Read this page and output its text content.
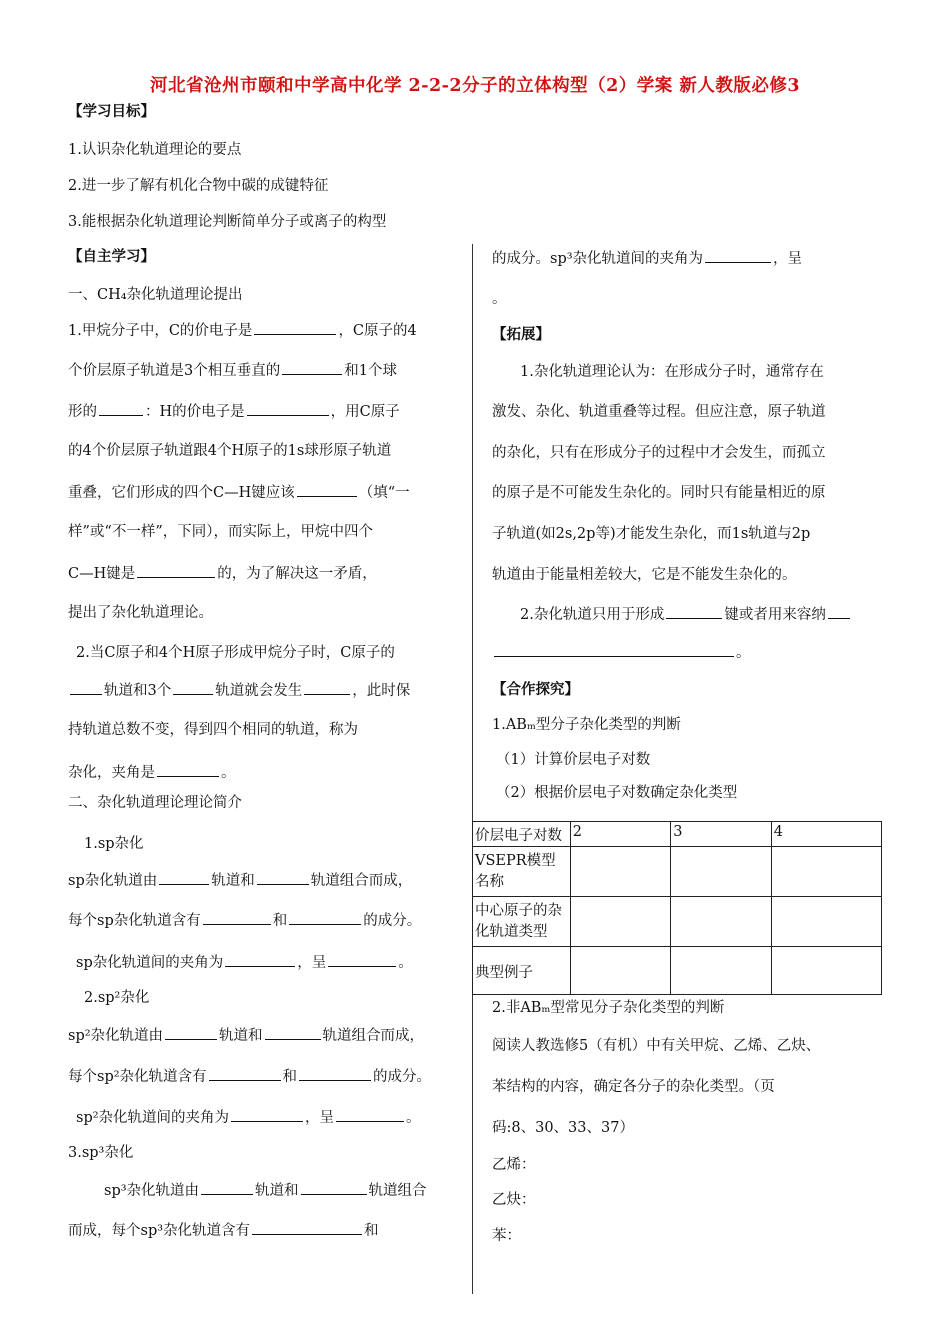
河北省沧州市颐和中学高中化学 2-2-2分子的立体构型（2）学案 新人教版必修3
【学习目标】
1.认识杂化轨道理论的要点
2.进一步了解有机化合物中碳的成键特征
3.能根据杂化轨道理论判断简单分子或离子的构型
【自主学习】
一、CH₄杂化轨道理论提出
1.甲烷分子中，C的价电子是	，C原子的4
个价层原子轨道是3个相互垂直的	和1个球
形的	：H的价电子是	，用C原子
的4个价层原子轨道跟4个H原子的1s球形原子轨道
重叠，它们形成的四个C—H键应该	（填“一
样”或“不一样”，下同），而实际上，甲烷中四个
C—H键是	的，为了解决这一矛盾，
提出了杂化轨道理论。
2.当C原子和4个H原子形成甲烷分子时，C原子的
轨道和3个	轨道就会发生	，此时保
持轨道总数不变，得到四个相同的轨道，称为
杂化，夹角是	。
二、杂化轨道理论理论简介
1.sp杂化
sp杂化轨道由	轨道和	轨道组合而成，
每个sp杂化轨道含有	和	的成分。
sp杂化轨道间的夹角为	，呈	。
2.sp²杂化
sp²杂化轨道由	轨道和	轨道组合而成，
每个sp²杂化轨道含有	和	的成分。
sp²杂化轨道间的夹角为	，呈	。
3.sp³杂化
sp³杂化轨道由	轨道和	轨道组合
而成，每个sp³杂化轨道含有	和
的成分。sp³杂化轨道间的夹角为	，呈
。
【拓展】
1.杂化轨道理论认为：在形成分子时，通常存在
激发、杂化、轨道重叠等过程。但应注意，原子轨道
的杂化，只有在形成分子的过程中才会发生，而孤立
的原子是不可能发生杂化的。同时只有能量相近的原
子轨道(如2s,2p等)才能发生杂化，而1s轨道与2p
轨道由于能量相差较大，它是不能发生杂化的。
2.杂化轨道只用于形成	键或者用来容纳
。
【合作探究】
1.ABₘ型分子杂化类型的判断
（1）计算价层电子对数
（2）根据价层电子对数确定杂化类型
价层电子对数	2	3	4
VSEPR模型名称			
中心原子的杂化轨道类型			
典型例子			
2.非ABₘ型常见分子杂化类型的判断
阅读人教选修5（有机）中有关甲烷、乙烯、乙炔、
苯结构的内容，确定各分子的杂化类型。（页
码:8、30、33、37）
乙烯：
乙炔：
苯：
